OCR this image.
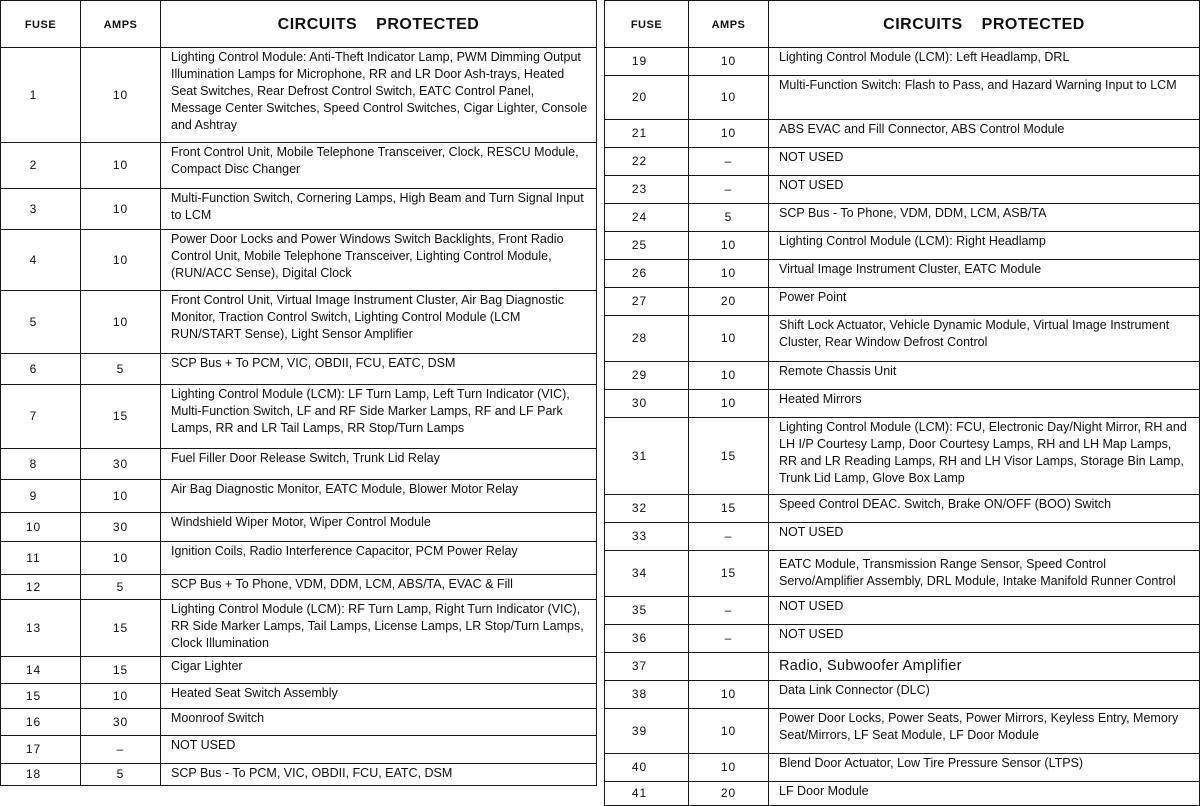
FUSE	AMPS	CIRCUITS PROTECTED
1	10	Lighting Control Module: Anti-Theft Indicator Lamp, PWM Dimming Output Illumination Lamps for Microphone, RR and LR Door Ash-trays, Heated Seat Switches, Rear Defrost Control Switch, EATC Control Panel, Message Center Switches, Speed Control Switches, Cigar Lighter, Console and Ashtray
2	10	Front Control Unit, Mobile Telephone Transceiver, Clock, RESCU Module, Compact Disc Changer
3	10	Multi-Function Switch, Cornering Lamps, High Beam and Turn Signal Input to LCM
4	10	Power Door Locks and Power Windows Switch Backlights, Front Radio Control Unit, Mobile Telephone Transceiver, Lighting Control Module, (RUN/ACC Sense), Digital Clock
5	10	Front Control Unit, Virtual Image Instrument Cluster, Air Bag Diagnostic Monitor, Traction Control Switch, Lighting Control Module (LCM RUN/START Sense), Light Sensor Amplifier
6	5	SCP Bus + To PCM, VIC, OBDII, FCU, EATC, DSM
7	15	Lighting Control Module (LCM): LF Turn Lamp, Left Turn Indicator (VIC), Multi-Function Switch, LF and RF Side Marker Lamps, RF and LF Park Lamps, RR and LR Tail Lamps, RR Stop/Turn Lamps
8	30	Fuel Filler Door Release Switch, Trunk Lid Relay
9	10	Air Bag Diagnostic Monitor, EATC Module, Blower Motor Relay
10	30	Windshield Wiper Motor, Wiper Control Module
11	10	Ignition Coils, Radio Interference Capacitor, PCM Power Relay
12	5	SCP Bus + To Phone, VDM, DDM, LCM, ABS/TA, EVAC & Fill
13	15	Lighting Control Module (LCM): RF Turn Lamp, Right Turn Indicator (VIC), RR Side Marker Lamps, Tail Lamps, License Lamps, LR Stop/Turn Lamps, Clock Illumination
14	15	Cigar Lighter
15	10	Heated Seat Switch Assembly
16	30	Moonroof Switch
17	–	NOT USED
18	5	SCP Bus - To PCM, VIC, OBDII, FCU, EATC, DSM
FUSE	AMPS	CIRCUITS PROTECTED
19	10	Lighting Control Module (LCM): Left Headlamp, DRL
20	10	Multi-Function Switch: Flash to Pass, and Hazard Warning Input to LCM
21	10	ABS EVAC and Fill Connector, ABS Control Module
22	–	NOT USED
23	–	NOT USED
24	5	SCP Bus - To Phone, VDM, DDM, LCM, ASB/TA
25	10	Lighting Control Module (LCM): Right Headlamp
26	10	Virtual Image Instrument Cluster, EATC Module
27	20	Power Point
28	10	Shift Lock Actuator, Vehicle Dynamic Module, Virtual Image Instrument Cluster, Rear Window Defrost Control
29	10	Remote Chassis Unit
30	10	Heated Mirrors
31	15	Lighting Control Module (LCM): FCU, Electronic Day/Night Mirror, RH and LH I/P Courtesy Lamp, Door Courtesy Lamps, RH and LH Map Lamps, RR and LR Reading Lamps, RH and LH Visor Lamps, Storage Bin Lamp, Trunk Lid Lamp, Glove Box Lamp
32	15	Speed Control DEAC. Switch, Brake ON/OFF (BOO) Switch
33	–	NOT USED
34	15	EATC Module, Transmission Range Sensor, Speed Control Servo/Amplifier Assembly, DRL Module, Intake Manifold Runner Control
35	–	NOT USED
36	–	NOT USED
37		Radio, Subwoofer Amplifier
38	10	Data Link Connector (DLC)
39	10	Power Door Locks, Power Seats, Power Mirrors, Keyless Entry, Memory Seat/Mirrors, LF Seat Module, LF Door Module
40	10	Blend Door Actuator, Low Tire Pressure Sensor (LTPS)
41	20	LF Door Module
